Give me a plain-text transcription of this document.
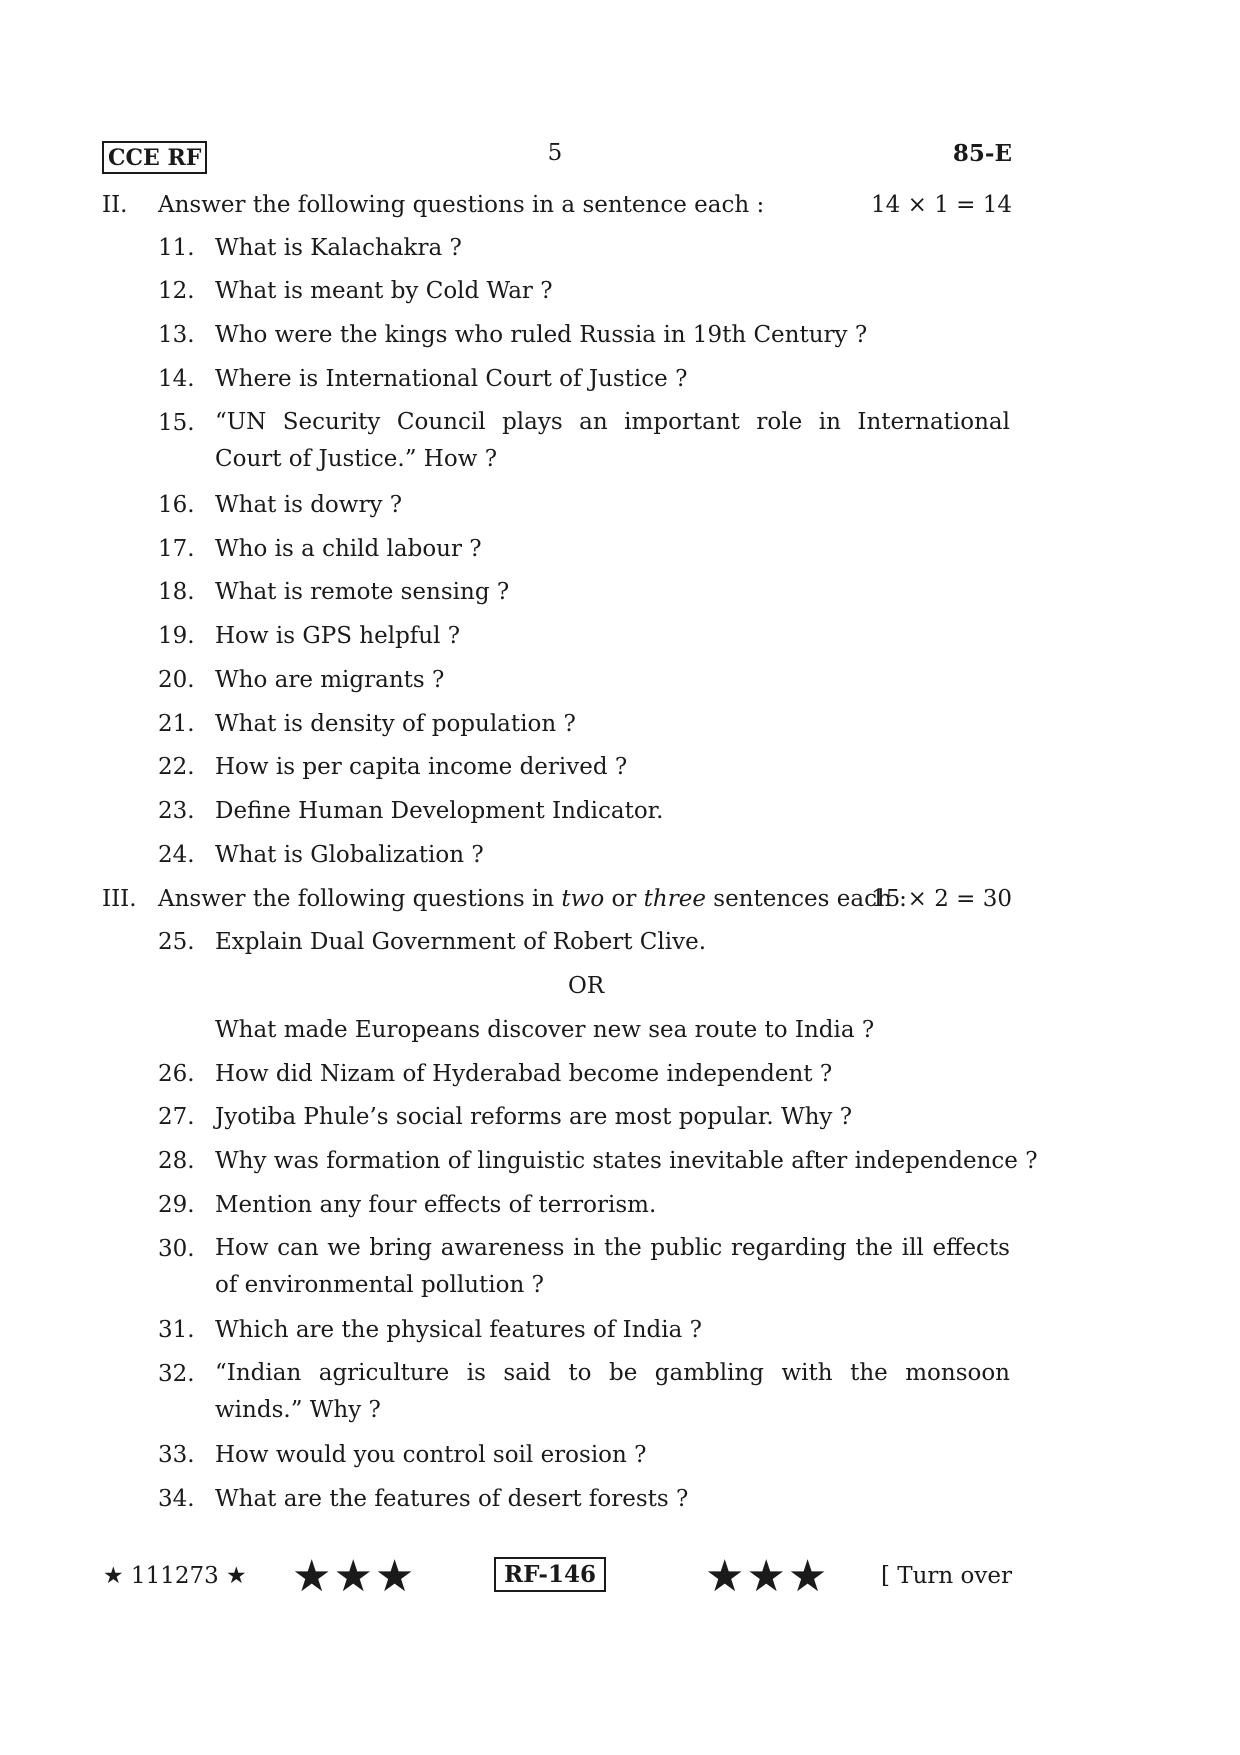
CCE RF	5	85-E
II. Answer the following questions in a sentence each :	14 × 1 = 14
11. What is Kalachakra ?
12. What is meant by Cold War ?
13. Who were the kings who ruled Russia in 19th Century ?
14. Where is International Court of Justice ?
15. “UN Security Council plays an important role in International Court of Justice.” How ?
16. What is dowry ?
17. Who is a child labour ?
18. What is remote sensing ?
19. How is GPS helpful ?
20. Who are migrants ?
21. What is density of population ?
22. How is per capita income derived ?
23. Define Human Development Indicator.
24. What is Globalization ?
III. Answer the following questions in two or three sentences each :
15 × 2 = 30
25. Explain Dual Government of Robert Clive.
OR
What made Europeans discover new sea route to India ?
26. How did Nizam of Hyderabad become independent ?
27. Jyotiba Phule’s social reforms are most popular. Why ?
28. Why was formation of linguistic states inevitable after independence ?
29. Mention any four effects of terrorism.
30. How can we bring awareness in the public regarding the ill effects of environmental pollution ?
31. Which are the physical features of India ?
32. “Indian agriculture is said to be gambling with the monsoon winds.” Why ?
33. How would you control soil erosion ?
34. What are the features of desert forests ?
★ 111273 ★ ★★★	RF-146 ★★★ [ Turn over
